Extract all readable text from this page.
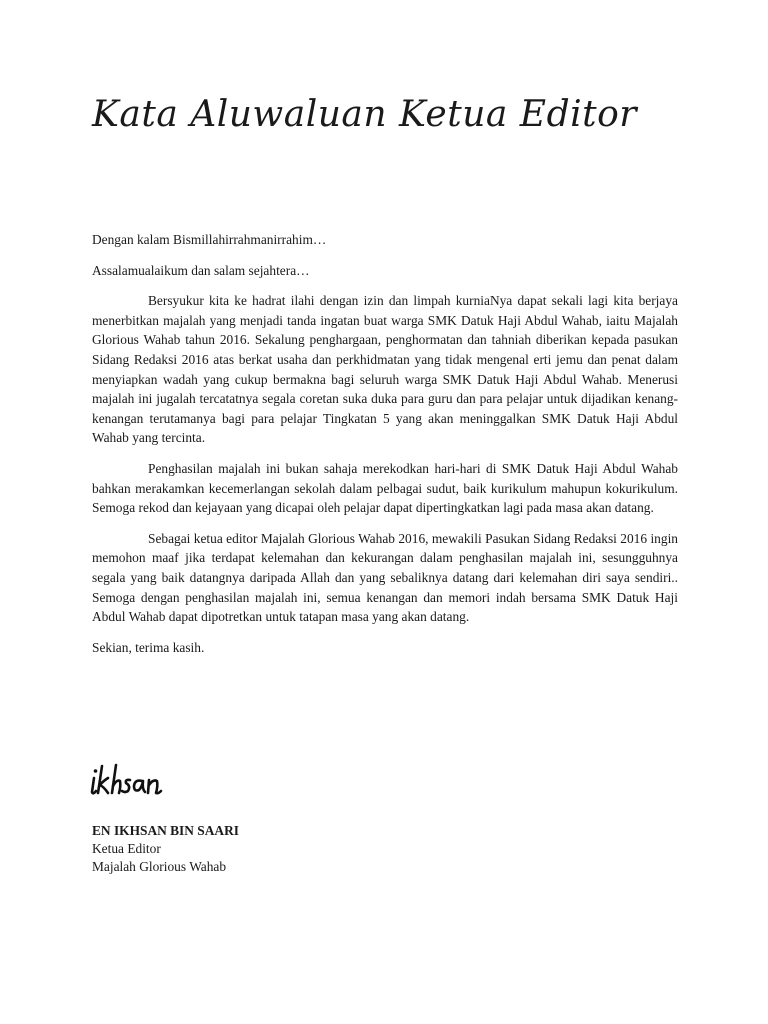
Kata Aluwaluan Ketua Editor

Dengan kalam Bismillahirrahmanirrahim…

Assalamualaikum dan salam sejahtera…

Bersyukur kita ke hadrat ilahi dengan izin dan limpah kurniaNya dapat sekali lagi kita berjaya menerbitkan majalah yang menjadi tanda ingatan buat warga SMK Datuk Haji Abdul Wahab, iaitu Majalah Glorious Wahab tahun 2016. Sekalung penghargaan, penghormatan dan tahniah diberikan kepada pasukan Sidang Redaksi 2016 atas berkat usaha dan perkhidmatan yang tidak mengenal erti jemu dan penat dalam menyiapkan wadah yang cukup bermakna bagi seluruh warga SMK Datuk Haji Abdul Wahab. Menerusi majalah ini jugalah tercatatnya segala coretan suka duka para guru dan para pelajar untuk dijadikan kenang-kenangan terutamanya bagi para pelajar Tingkatan 5 yang akan meninggalkan SMK Datuk Haji Abdul Wahab yang tercinta.

Penghasilan majalah ini bukan sahaja merekodkan hari-hari di SMK Datuk Haji Abdul Wahab bahkan merakamkan kecemerlangan sekolah dalam pelbagai sudut, baik kurikulum mahupun kokurikulum. Semoga rekod dan kejayaan yang dicapai oleh pelajar dapat dipertingkatkan lagi pada masa akan datang.

Sebagai ketua editor Majalah Glorious Wahab 2016, mewakili Pasukan Sidang Redaksi 2016 ingin memohon maaf jika terdapat kelemahan dan kekurangan dalam penghasilan majalah ini, sesungguhnya segala yang baik datangnya daripada Allah dan yang sebaliknya datang dari kelemahan diri saya sendiri.. Semoga dengan penghasilan majalah ini, semua kenangan dan memori indah bersama SMK Datuk Haji Abdul Wahab dapat dipotretkan untuk tatapan masa yang akan datang.

Sekian, terima kasih.

EN IKHSAN BIN SAARI
Ketua Editor
Majalah Glorious Wahab
